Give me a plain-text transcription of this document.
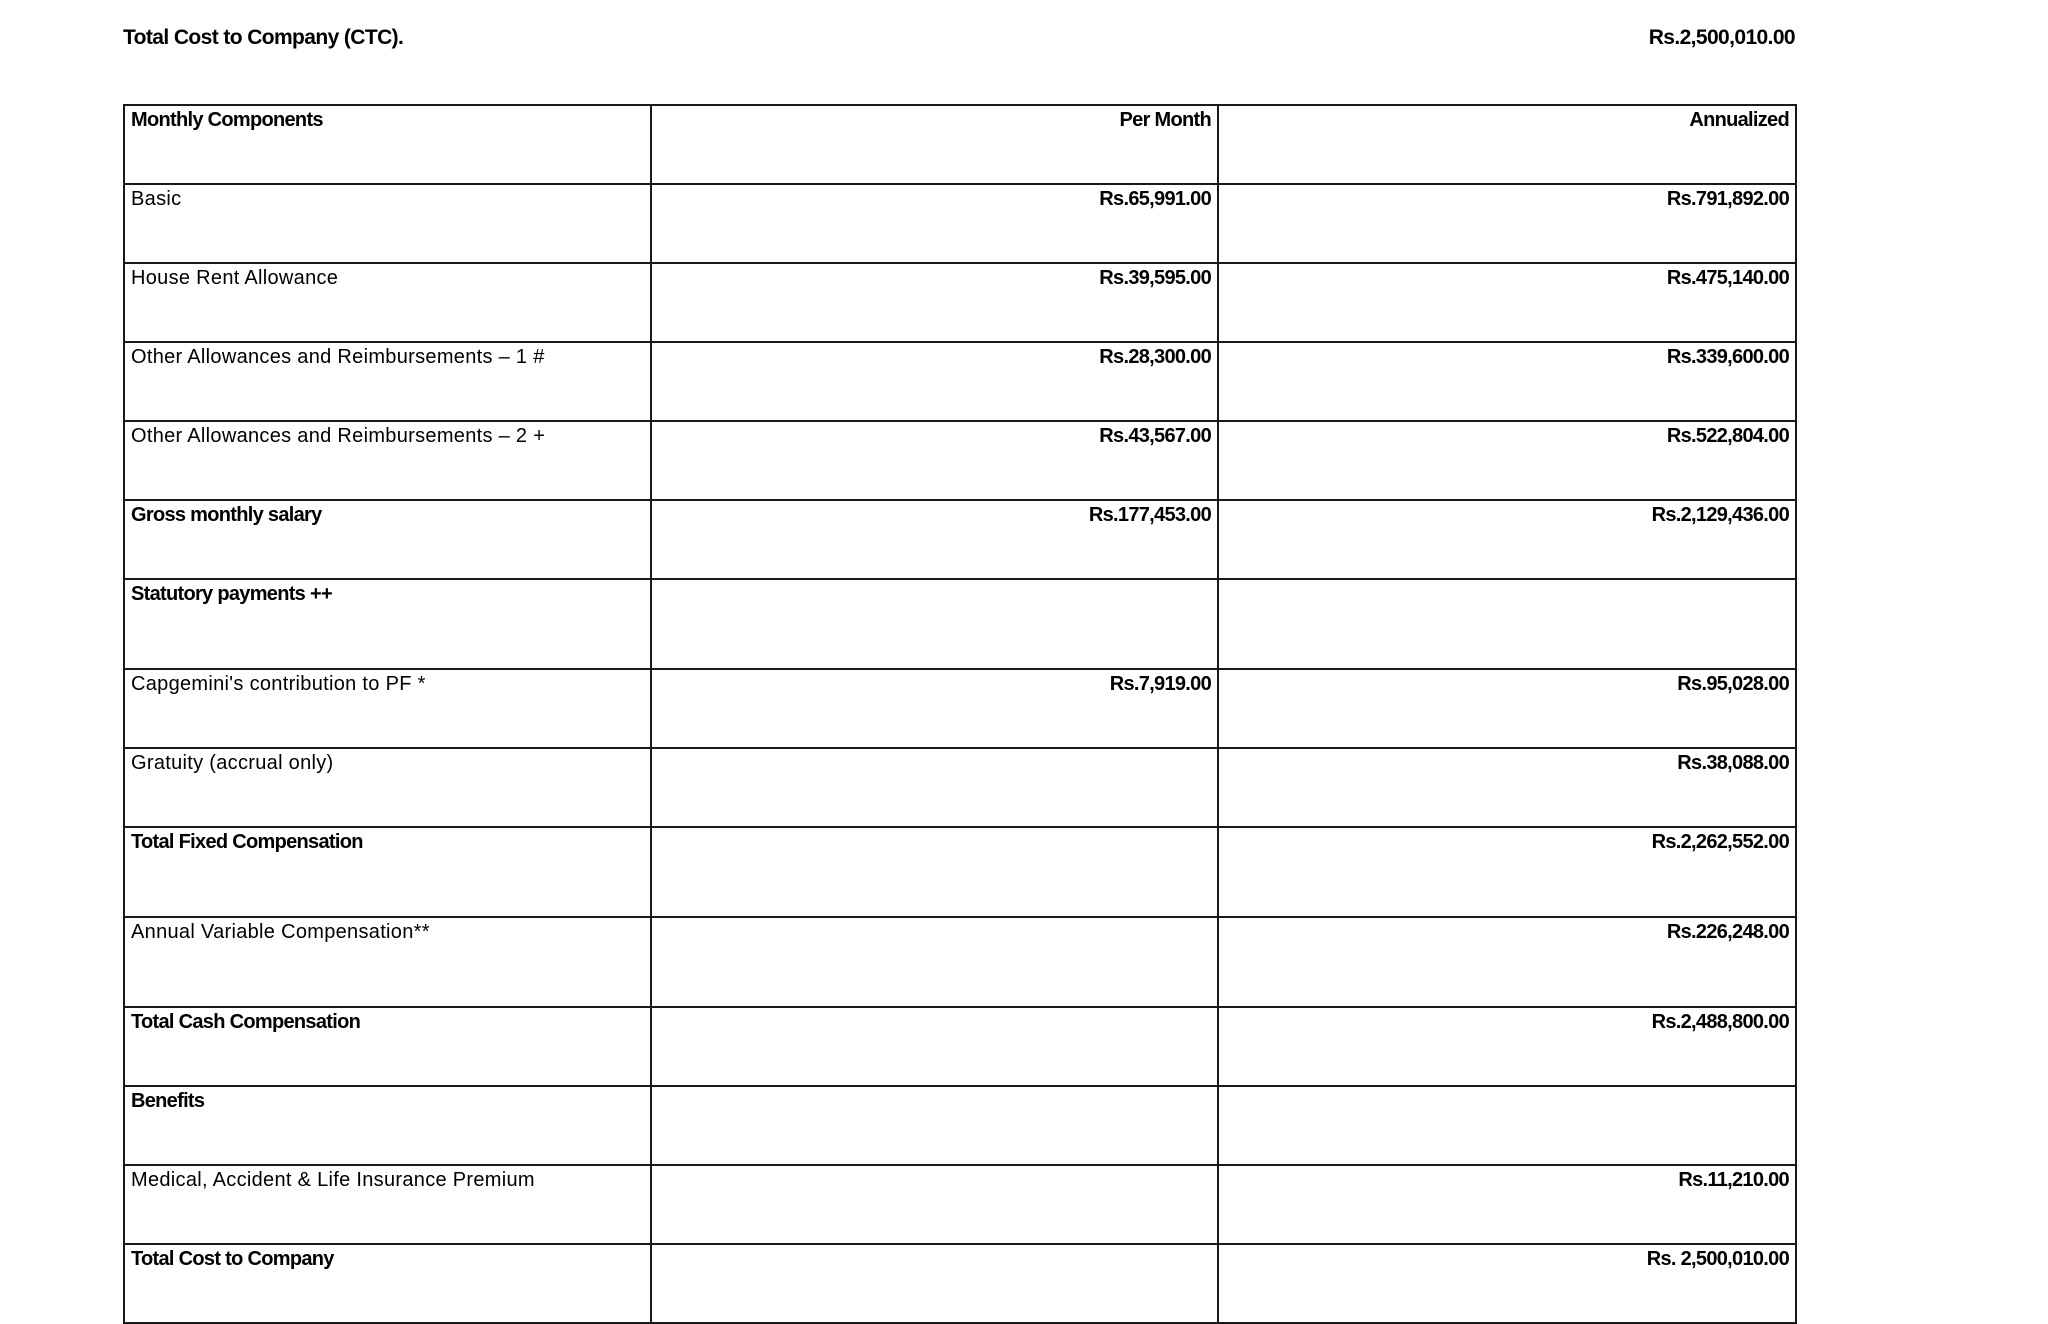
Total Cost to Company (CTC).	Rs.2,500,010.00
Monthly Components	Per Month	Annualized
Basic	Rs.65,991.00	Rs.791,892.00
House Rent Allowance	Rs.39,595.00	Rs.475,140.00
Other Allowances and Reimbursements – 1 #	Rs.28,300.00	Rs.339,600.00
Other Allowances and Reimbursements – 2 +	Rs.43,567.00	Rs.522,804.00
Gross monthly salary	Rs.177,453.00	Rs.2,129,436.00
Statutory payments ++		
Capgemini's contribution to PF *	Rs.7,919.00	Rs.95,028.00
Gratuity (accrual only)		Rs.38,088.00
Total Fixed Compensation		Rs.2,262,552.00
Annual Variable Compensation**		Rs.226,248.00
Total Cash Compensation		Rs.2,488,800.00
Benefits		
Medical, Accident & Life Insurance Premium		Rs.11,210.00
Total Cost to Company		Rs. 2,500,010.00
